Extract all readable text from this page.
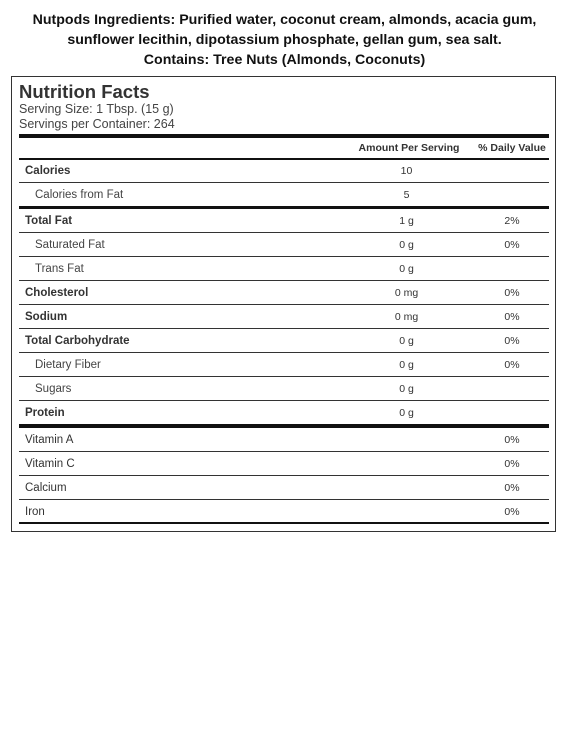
Nutpods Ingredients: Purified water, coconut cream, almonds, acacia gum,
sunflower lecithin, dipotassium phosphate, gellan gum, sea salt.
Contains: Tree Nuts (Almonds, Coconuts)
Nutrition Facts
Serving Size: 1 Tbsp. (15 g)
Servings per Container: 264
Amount Per Serving	% Daily Value
Calories	10
Calories from Fat	5
Total Fat	1 g	2%
Saturated Fat	0 g	0%
Trans Fat	0 g
Cholesterol	0 mg	0%
Sodium	0 mg	0%
Total Carbohydrate	0 g	0%
Dietary Fiber	0 g	0%
Sugars	0 g
Protein	0 g
Vitamin A	0%
Vitamin C	0%
Calcium	0%
Iron	0%
